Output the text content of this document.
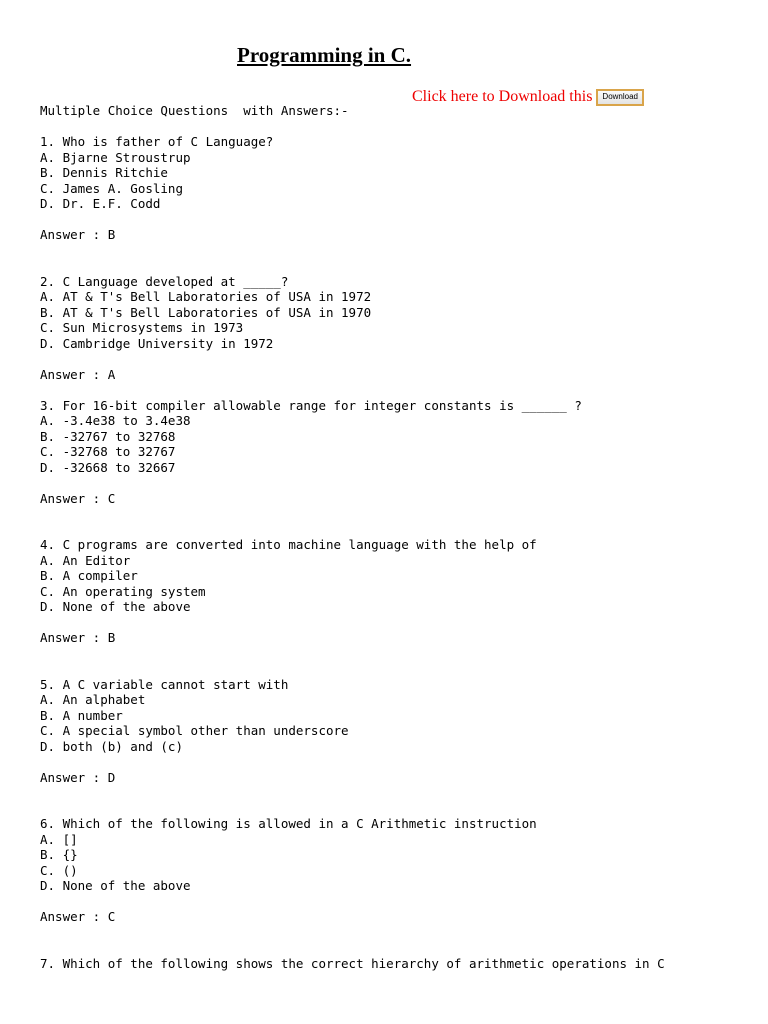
Programming in C.
Click here to Download this	Download
Multiple Choice Questions  with Answers:-
1. Who is father of C Language?
A. Bjarne Stroustrup
B. Dennis Ritchie
C. James A. Gosling
D. Dr. E.F. Codd
Answer : B
2. C Language developed at _____?
A. AT & T's Bell Laboratories of USA in 1972
B. AT & T's Bell Laboratories of USA in 1970
C. Sun Microsystems in 1973
D. Cambridge University in 1972
Answer : A
3. For 16-bit compiler allowable range for integer constants is ______ ?
A. -3.4e38 to 3.4e38
B. -32767 to 32768
C. -32768 to 32767
D. -32668 to 32667
Answer : C
4. C programs are converted into machine language with the help of
A. An Editor
B. A compiler
C. An operating system
D. None of the above
Answer : B
5. A C variable cannot start with
A. An alphabet
B. A number
C. A special symbol other than underscore
D. both (b) and (c)
Answer : D
6. Which of the following is allowed in a C Arithmetic instruction
A. []
B. {}
C. ()
D. None of the above
Answer : C
7. Which of the following shows the correct hierarchy of arithmetic operations in C
